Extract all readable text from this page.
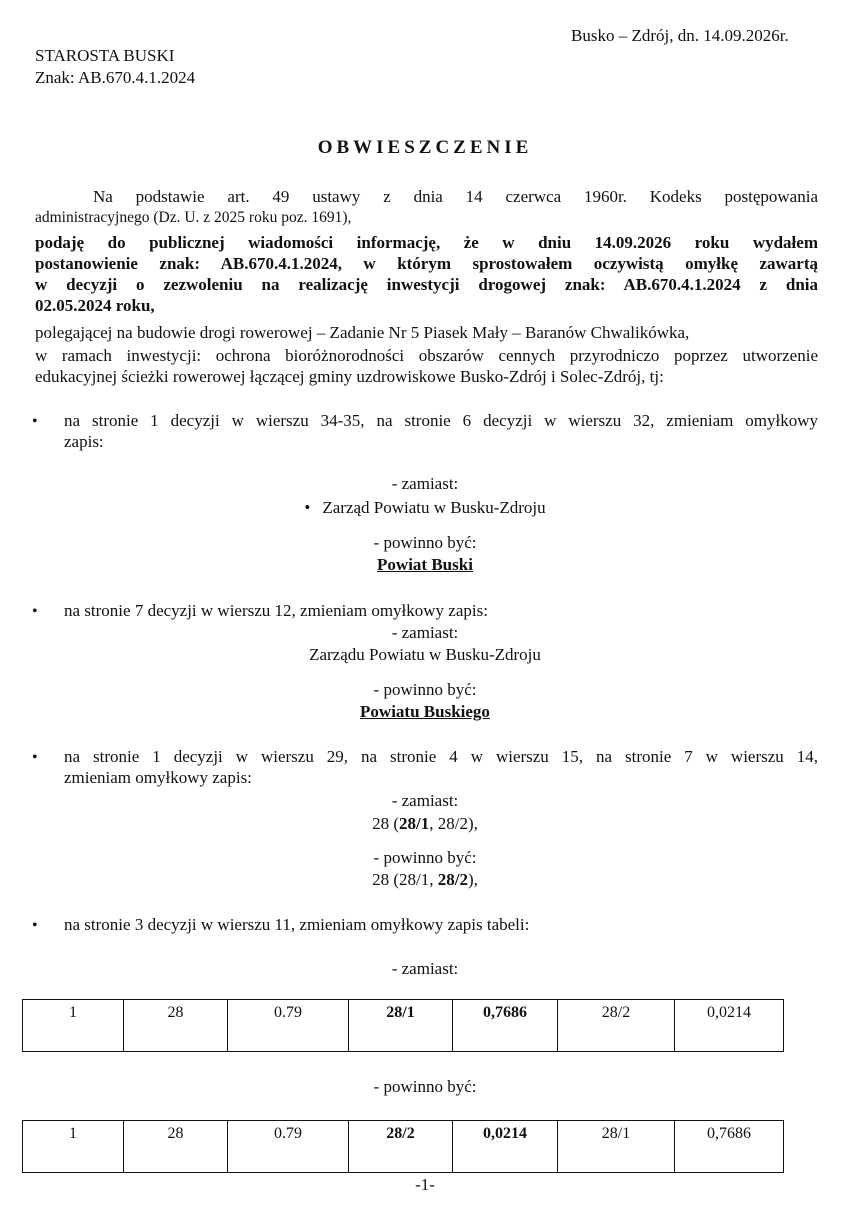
Busko – Zdrój, dn. 14.09.2026r.
STAROSTA BUSKI
Znak: AB.670.4.1.2024
OBWIESZCZENIE
Na podstawie art. 49 ustawy z dnia 14 czerwca 1960r. Kodeks postępowania
administracyjnego (Dz. U. z 2025 roku poz. 1691),
podaję do publicznej wiadomości informację, że w dniu 14.09.2026 roku wydałem
postanowienie znak: AB.670.4.1.2024, w którym sprostowałem oczywistą omyłkę zawartą
w decyzji o zezwoleniu na realizację inwestycji drogowej znak: AB.670.4.1.2024 z dnia
02.05.2024 roku,
polegającej na budowie drogi rowerowej – Zadanie Nr 5 Piasek Mały – Baranów Chwalikówka,
w ramach inwestycji: ochrona bioróżnorodności obszarów cennych przyrodniczo poprzez utworzenie
edukacyjnej ścieżki rowerowej łączącej gminy uzdrowiskowe Busko-Zdrój i Solec-Zdrój, tj:
•
na stronie 1 decyzji w wierszu 34-35, na stronie 6 decyzji w wierszu 32, zmieniam omyłkowy
zapis:
- zamiast:
• Zarząd Powiatu w Busku-Zdroju
- powinno być:
Powiat Buski
•
na stronie 7 decyzji w wierszu 12, zmieniam omyłkowy zapis:
- zamiast:
Zarządu Powiatu w Busku-Zdroju
- powinno być:
Powiatu Buskiego
•
na stronie 1 decyzji w wierszu 29, na stronie 4 w wierszu 15, na stronie 7 w wierszu 14,
zmieniam omyłkowy zapis:
- zamiast:
28 (28/1, 28/2),
- powinno być:
28 (28/1, 28/2),
•
na stronie 3 decyzji w wierszu 11, zmieniam omyłkowy zapis tabeli:
- zamiast:
1	28	0.79	28/1	0,7686	28/2	0,0214
- powinno być:
1	28	0.79	28/2	0,0214	28/1	0,7686
-1-
